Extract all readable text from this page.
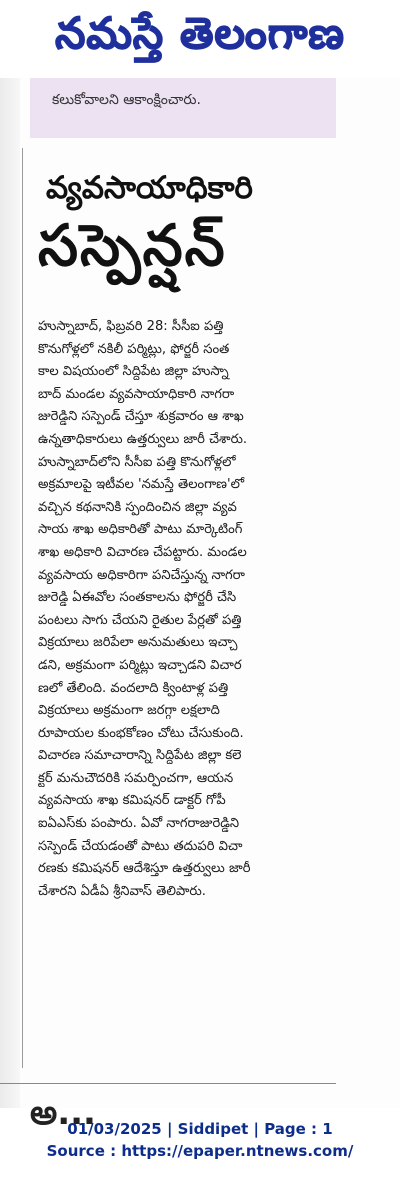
నమస్తే తెలంగాణ
కలుకోవాలని ఆకాంక్షించారు.
వ్యవసాయాధికారి
సస్పెన్షన్
హుస్నాబాద్, ఫిబ్రవరి 28: సీసీఐ పత్తి
కొనుగోళ్లలో నకిలీ పర్మిట్లు, ఫోర్జరీ సంత
కాల విషయంలో సిద్దిపేట జిల్లా హుస్నా
బాద్ మండల వ్యవసాయాధికారి నాగరా
జురెడ్డిని సస్పెండ్ చేస్తూ శుక్రవారం ఆ శాఖ
ఉన్నతాధికారులు ఉత్తర్వులు జారీ చేశారు.
హుస్నాబాద్‌లోని సీసీఐ పత్తి కొనుగోళ్లలో
అక్రమాలపై ఇటీవల 'నమస్తే తెలంగాణ'లో
వచ్చిన కథనానికి స్పందించిన జిల్లా వ్యవ
సాయ శాఖ అధికారితో పాటు మార్కెటింగ్
శాఖ అధికారి విచారణ చేపట్టారు. మండల
వ్యవసాయ అధికారిగా పనిచేస్తున్న నాగరా
జురెడ్డి ఏఈవోల సంతకాలను ఫోర్జరీ చేసి
పంటలు సాగు చేయని రైతుల పేర్లతో పత్తి
విక్రయాలు జరిపేలా అనుమతులు ఇచ్చా
డని, అక్రమంగా పర్మిట్లు ఇచ్చాడని విచార
ణలో తేలింది. వందలాది క్వింటాళ్ల పత్తి
విక్రయాలు అక్రమంగా జరగ్గా లక్షలాది
రూపాయల కుంభకోణం చోటు చేసుకుంది.
విచారణ సమాచారాన్ని సిద్దిపేట జిల్లా కలె
క్టర్ మనుచౌదరికి సమర్పించగా, ఆయన
వ్యవసాయ శాఖ కమిషనర్ డాక్టర్ గోపీ
ఐఏఎస్‌కు పంపారు. ఏవో నాగరాజురెడ్డిని
సస్పెండ్ చేయడంతో పాటు తదుపరి విచా
రణకు కమిషనర్ ఆదేశిస్తూ ఉత్తర్వులు జారీ
చేశారని ఏడీఏ శ్రీనివాస్ తెలిపారు.
అ...
01/03/2025 | Siddipet | Page : 1
Source : https://epaper.ntnews.com/
